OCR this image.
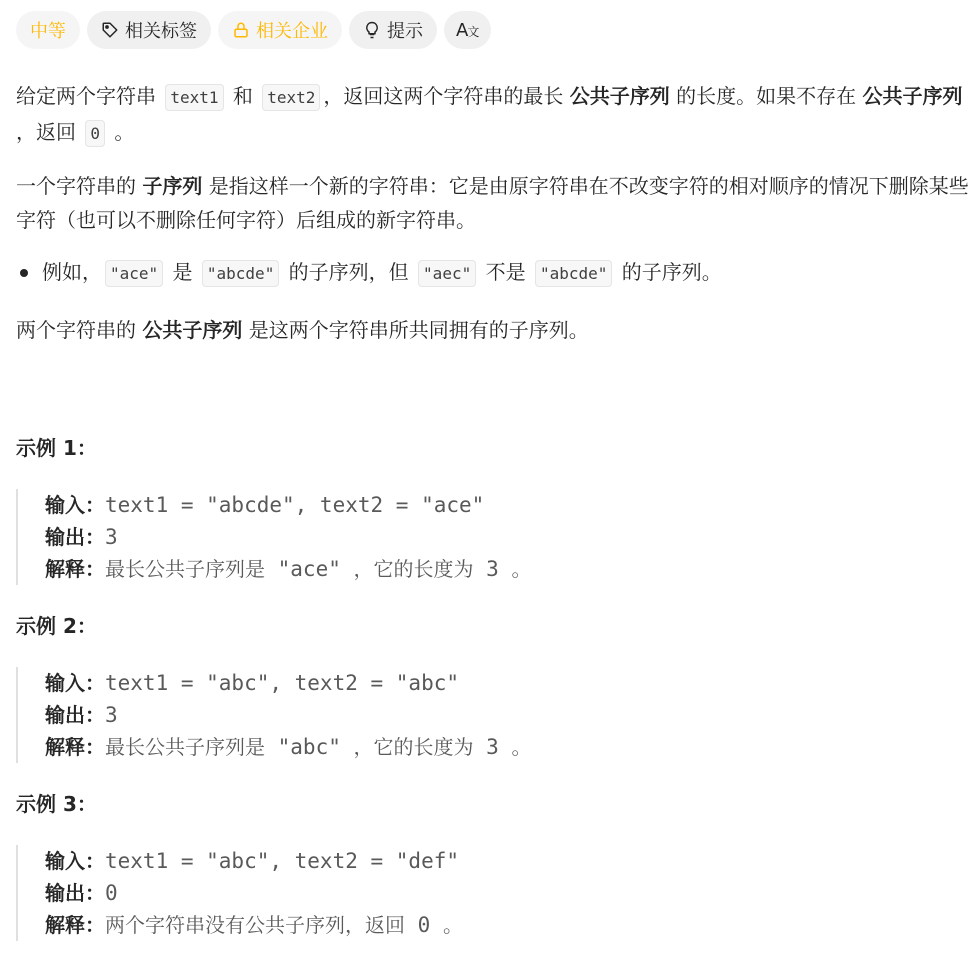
中等	相关标签	相关企业	提示 A 文

给定两个字符串 text1 和 text2 ，返回这两个字符串的最长 公共子序列 的长度。如果不存在 公共子序列 ，返回 0 。

一个字符串的 子序列 是指这样一个新的字符串：它是由原字符串在不改变字符的相对顺序的情况下删除某些字符（也可以不删除任何字符）后组成的新字符串。

例如， "ace" 是 "abcde" 的子序列，但 "aec" 不是 "abcde" 的子序列。

两个字符串的 公共子序列 是这两个字符串所共同拥有的子序列。

示例 1：
输入：text1 = "abcde", text2 = "ace"
输出：3
解释：最长公共子序列是 "ace" ，它的长度为 3 。
示例 2：
输入：text1 = "abc", text2 = "abc"
输出：3
解释：最长公共子序列是 "abc" ，它的长度为 3 。
示例 3：
输入：text1 = "abc", text2 = "def"
输出：0
解释：两个字符串没有公共子序列，返回 0 。
